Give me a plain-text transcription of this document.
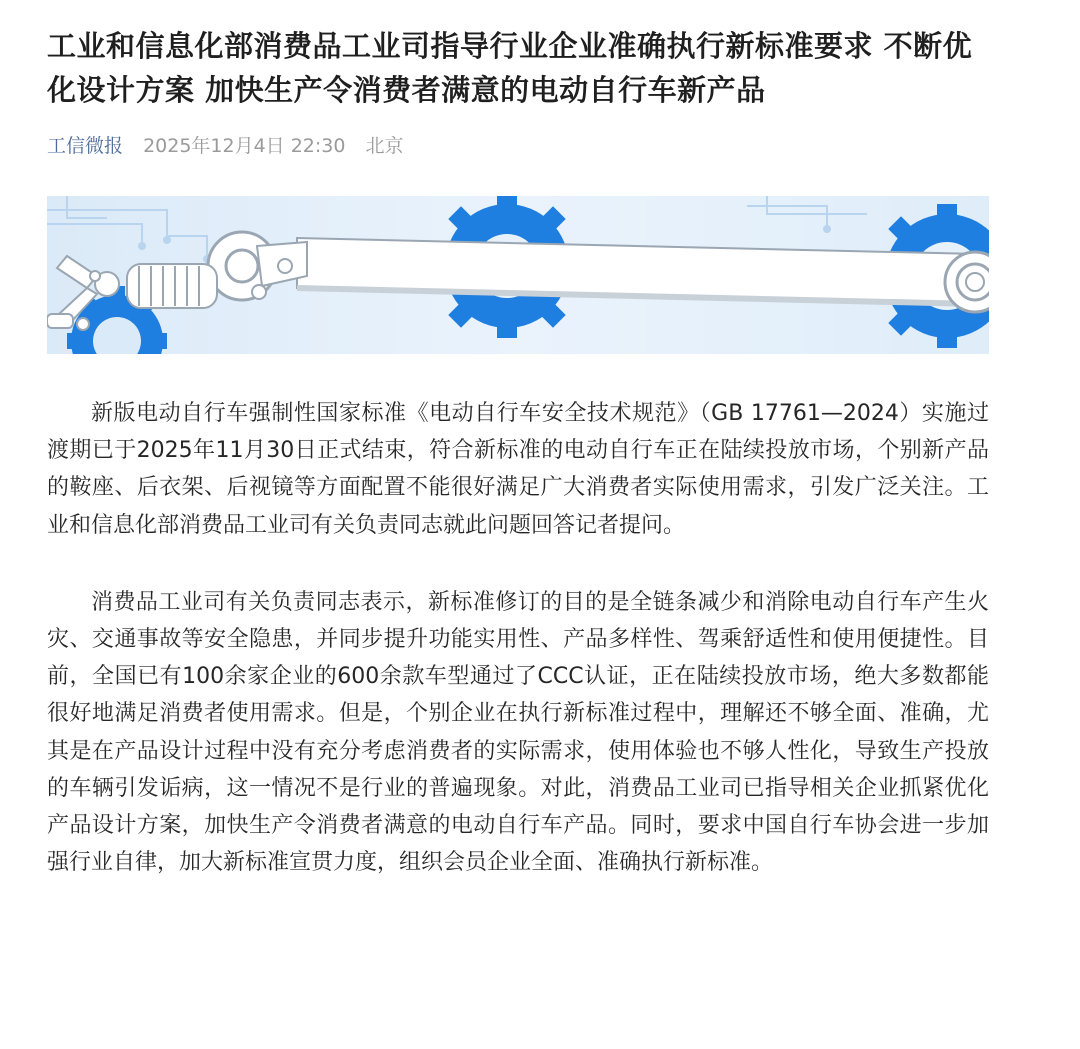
工业和信息化部消费品工业司指导行业企业准确执行新标准要求 不断优化设计方案 加快生产令消费者满意的电动自行车新产品
工信微报 2025年12月4日 22:30 北京

新版电动自行车强制性国家标准《电动自行车安全技术规范》（GB 17761—2024）实施过渡期已于2025年11月30日正式结束，符合新标准的电动自行车正在陆续投放市场，个别新产品的鞍座、后衣架、后视镜等方面配置不能很好满足广大消费者实际使用需求，引发广泛关注。工业和信息化部消费品工业司有关负责同志就此问题回答记者提问。

消费品工业司有关负责同志表示，新标准修订的目的是全链条减少和消除电动自行车产生火灾、交通事故等安全隐患，并同步提升功能实用性、产品多样性、驾乘舒适性和使用便捷性。目前，全国已有100余家企业的600余款车型通过了CCC认证，正在陆续投放市场，绝大多数都能很好地满足消费者使用需求。但是，个别企业在执行新标准过程中，理解还不够全面、准确，尤其是在产品设计过程中没有充分考虑消费者的实际需求，使用体验也不够人性化，导致生产投放的车辆引发诟病，这一情况不是行业的普遍现象。对此，消费品工业司已指导相关企业抓紧优化产品设计方案，加快生产令消费者满意的电动自行车产品。同时，要求中国自行车协会进一步加强行业自律，加大新标准宣贯力度，组织会员企业全面、准确执行新标准。
